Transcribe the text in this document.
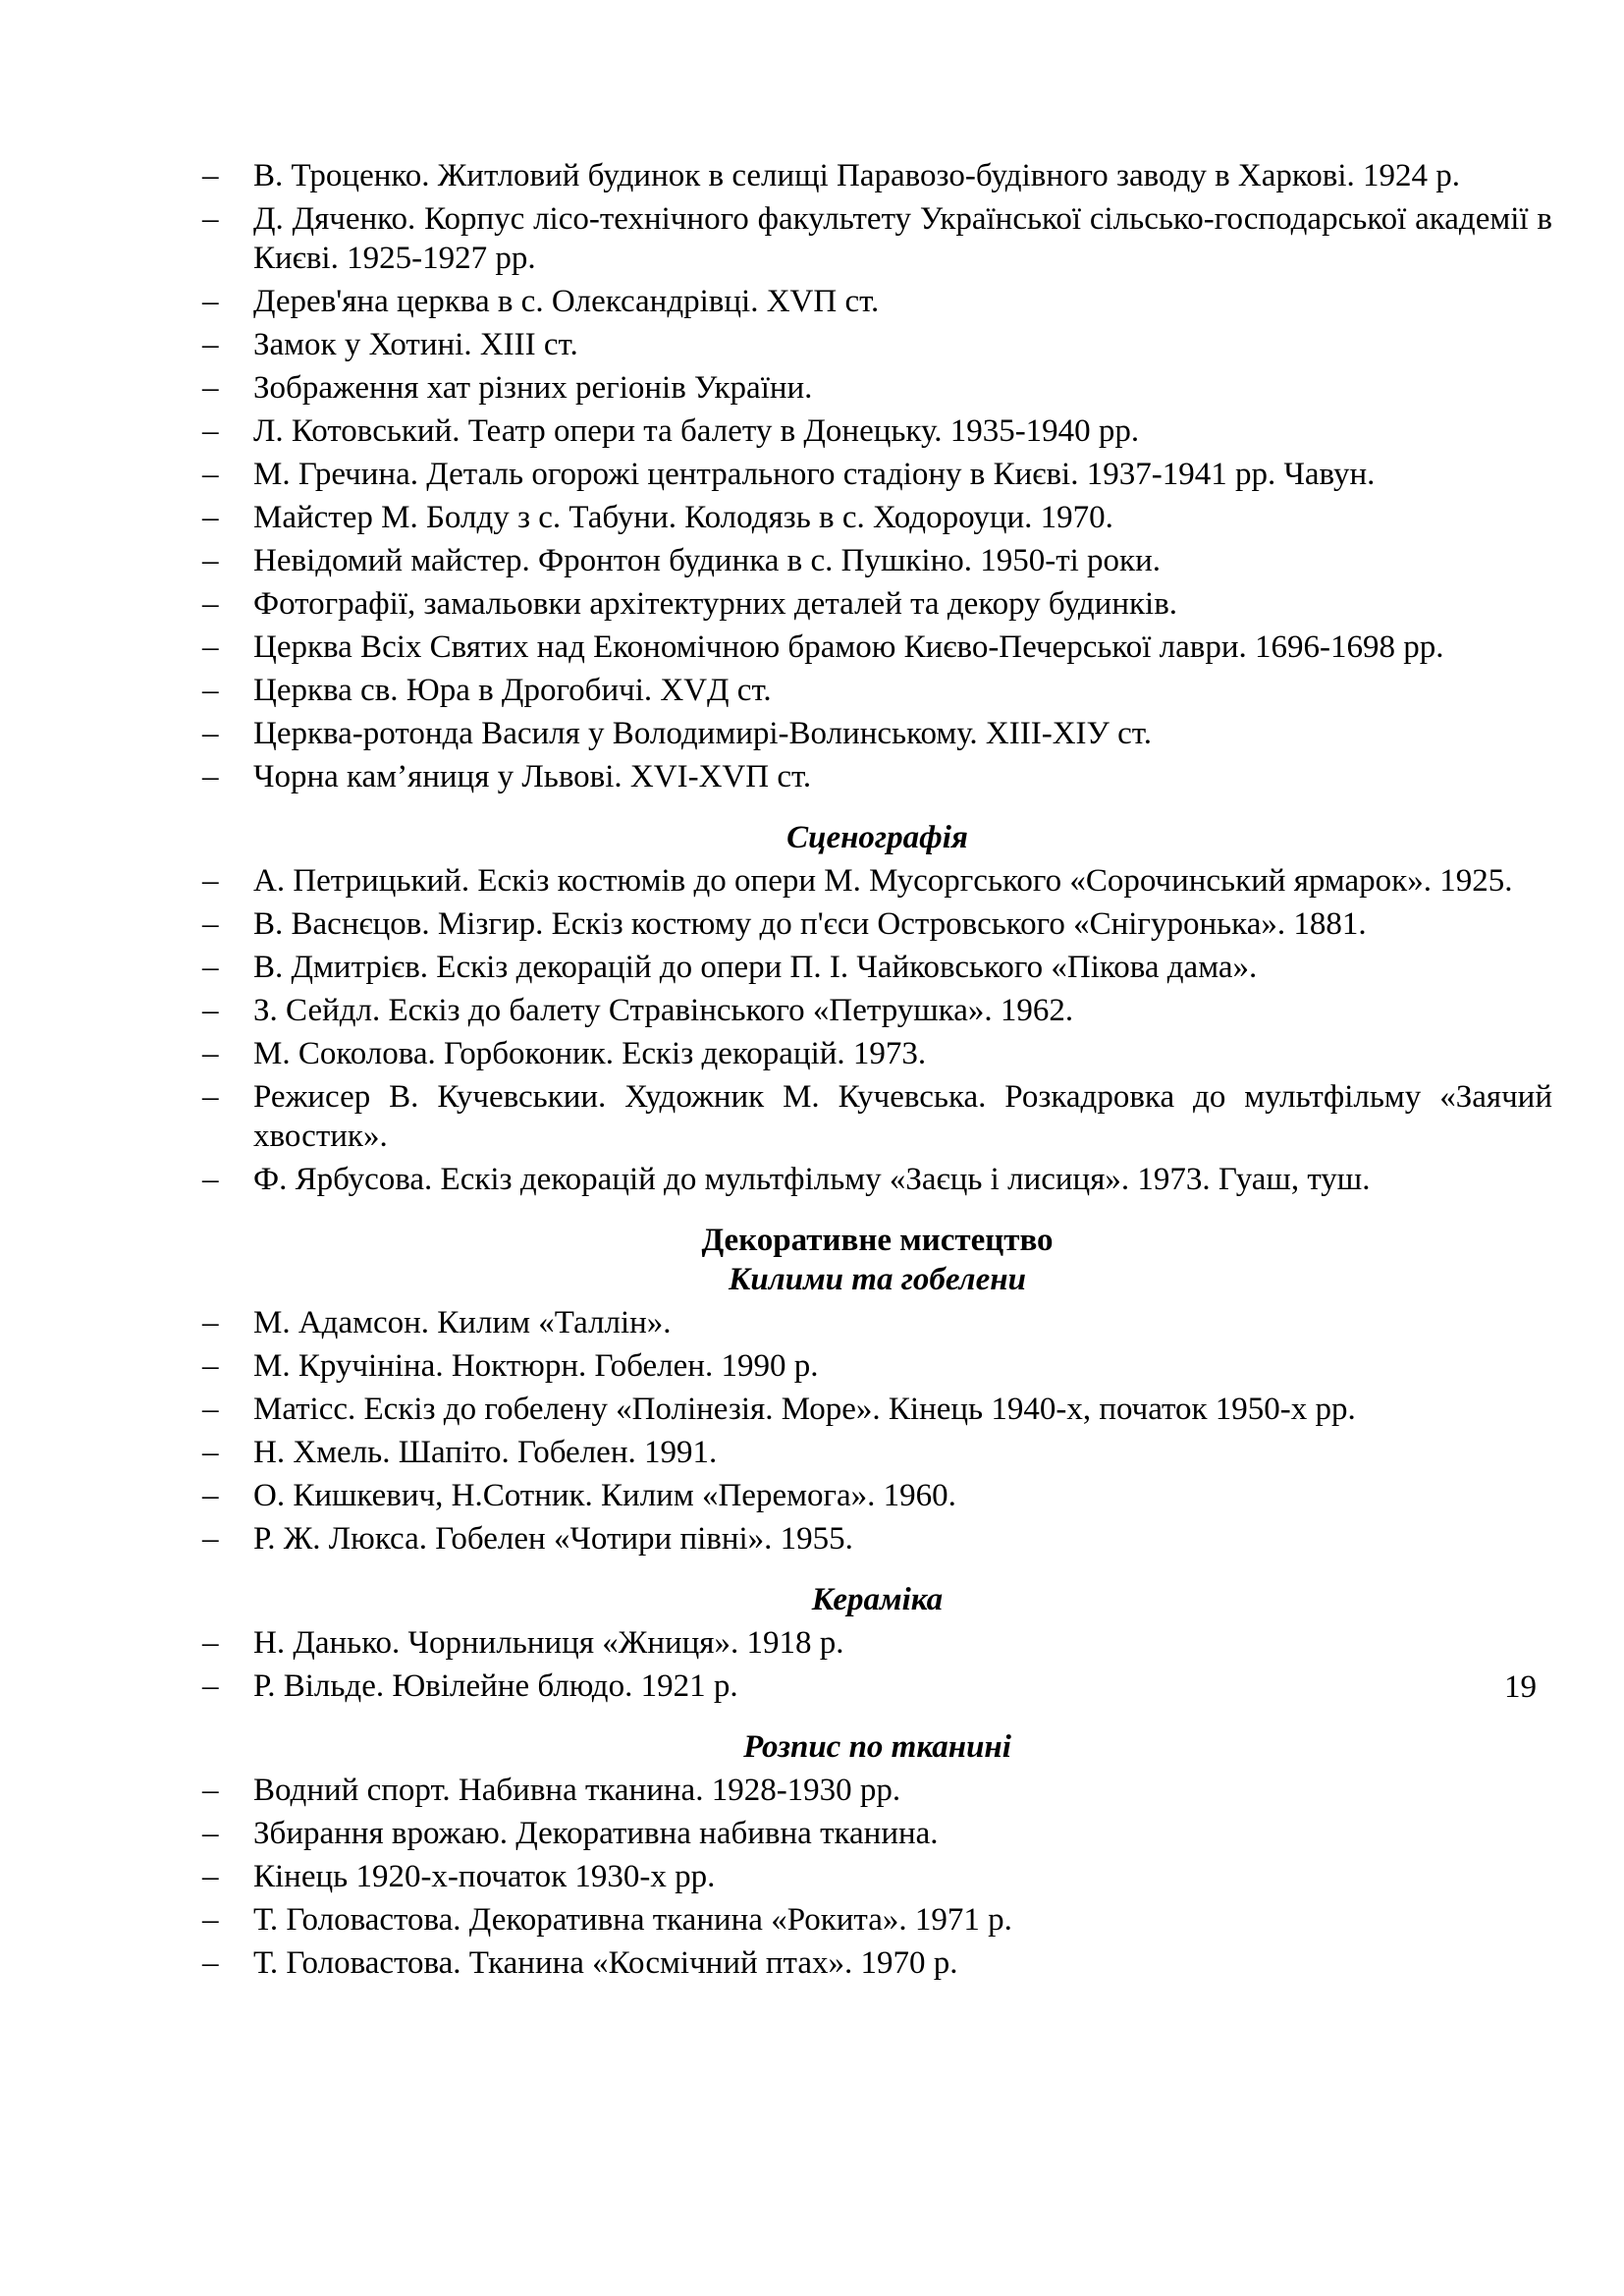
– В. Троценко. Житловий будинок в селищі Паравозо-будівного заводу в Харкові. 1924 р.
– Д. Дяченко. Корпус лісо-технічного факультету Української сільсько-господарської академії в Києві. 1925-1927 рр.
– Дерев'яна церква в с. Олександрівці. XVП ст.
– Замок у Хотині. XIII ст.
– Зображення хат різних регіонів України.
– Л. Котовський. Театр опери та балету в Донецьку. 1935-1940 рр.
– М. Гречина. Деталь огорожі центрального стадіону в Києві. 1937-1941 рр. Чавун.
– Майстер М. Болду з с. Табуни. Колодязь в с. Ходороуци. 1970.
– Невідомий майстер. Фронтон будинка в с. Пушкіно. 1950-ті роки.
– Фотографії, замальовки архітектурних деталей та декору будинків.
– Церква Всіх Святих над Економічною брамою Києво-Печерської лаври. 1696-1698 рр.
– Церква св. Юра в Дрогобичі. XVД ст.
– Церква-ротонда Василя у Володимирі-Волинському. XIII-XIУ ст.
– Чорна кам’яниця у Львові. XVI-XVП ст.
Сценографія
– А. Петрицький. Ескіз костюмів до опери М. Мусоргського «Сорочинський ярмарок». 1925.
– В. Васнєцов. Мізгир. Ескіз костюму до п'єси Островського «Снігуронька». 1881.
– В. Дмитрієв. Ескіз декорацій до опери П. І. Чайковського «Пікова дама».
– З. Сейдл. Ескіз до балету Стравінського «Петрушка». 1962.
– М. Соколова. Горбоконик. Ескіз декорацій. 1973.
– Режисер В. Кучевськии. Художник М. Кучевська. Розкадровка до мультфільму «Заячий хвостик».
– Ф. Ярбусова. Ескіз декорацій до мультфільму «Заєць і лисиця». 1973. Гуаш, туш.
Декоративне мистецтво
Килими та гобелени
– М. Адамсон. Килим «Таллін».
– М. Кручініна. Ноктюрн. Гобелен. 1990 р.
– Матісс. Ескіз до гобелену «Полінезія. Море». Кінець 1940-х, початок 1950-х рр.
– Н. Хмель. Шапіто. Гобелен. 1991.
– О. Кишкевич, Н.Сотник. Килим «Перемога». 1960.
– Р. Ж. Люкса. Гобелен «Чотири півні». 1955.
Кераміка
– Н. Данько. Чорнильниця «Жниця». 1918 р.
– Р. Вільде. Ювілейне блюдо. 1921 р.
Розпис по тканині
– Водний спорт. Набивна тканина. 1928-1930 рр.
– Збирання врожаю. Декоративна набивна тканина.
– Кінець 1920-х-початок 1930-х рр.
– Т. Головастова. Декоративна тканина «Рокита». 1971 р.
– Т. Головастова. Тканина «Космічний птах». 1970 р.
19
